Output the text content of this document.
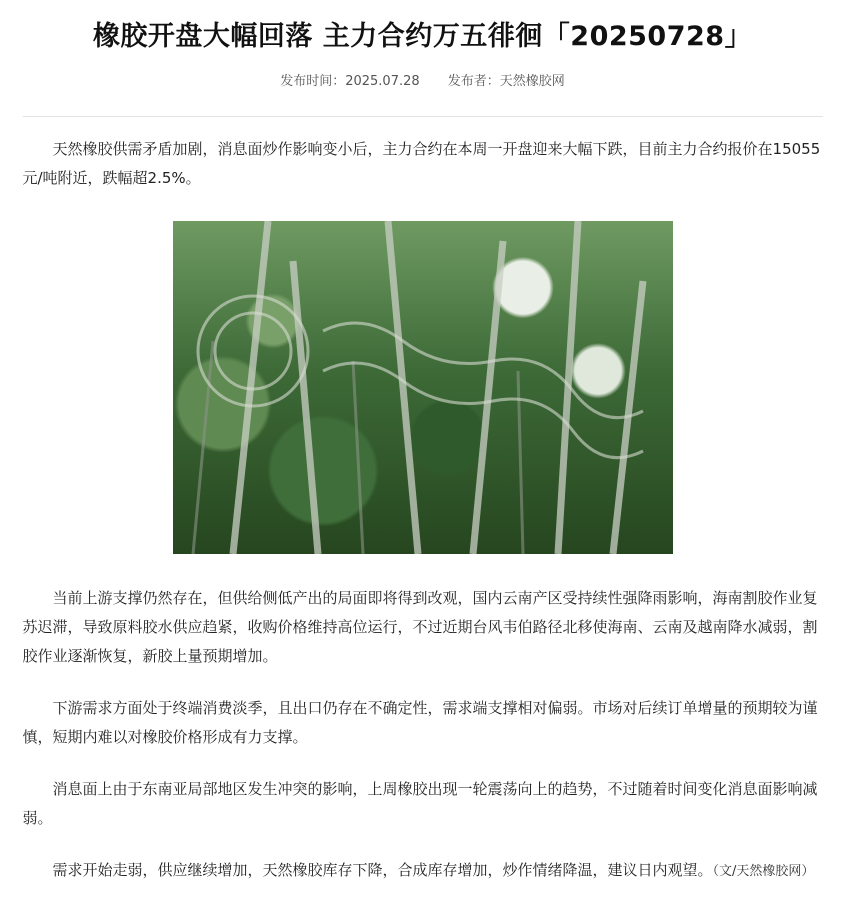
橡胶开盘大幅回落 主力合约万五徘徊「20250728」
发布时间：2025.07.28 发布者：天然橡胶网

天然橡胶供需矛盾加剧，消息面炒作影响变小后，主力合约在本周一开盘迎来大幅下跌，目前主力合约报价在15055元/吨附近，跌幅超2.5%。

当前上游支撑仍然存在，但供给侧低产出的局面即将得到改观，国内云南产区受持续性强降雨影响，海南割胶作业复苏迟滞，导致原料胶水供应趋紧，收购价格维持高位运行，不过近期台风韦伯路径北移使海南、云南及越南降水减弱，割胶作业逐渐恢复，新胶上量预期增加。

下游需求方面处于终端消费淡季，且出口仍存在不确定性，需求端支撑相对偏弱。市场对后续订单增量的预期较为谨慎，短期内难以对橡胶价格形成有力支撑。

消息面上由于东南亚局部地区发生冲突的影响，上周橡胶出现一轮震荡向上的趋势，不过随着时间变化消息面影响减弱。

需求开始走弱，供应继续增加，天然橡胶库存下降，合成库存增加，炒作情绪降温，建议日内观望。（文/天然橡胶网）
